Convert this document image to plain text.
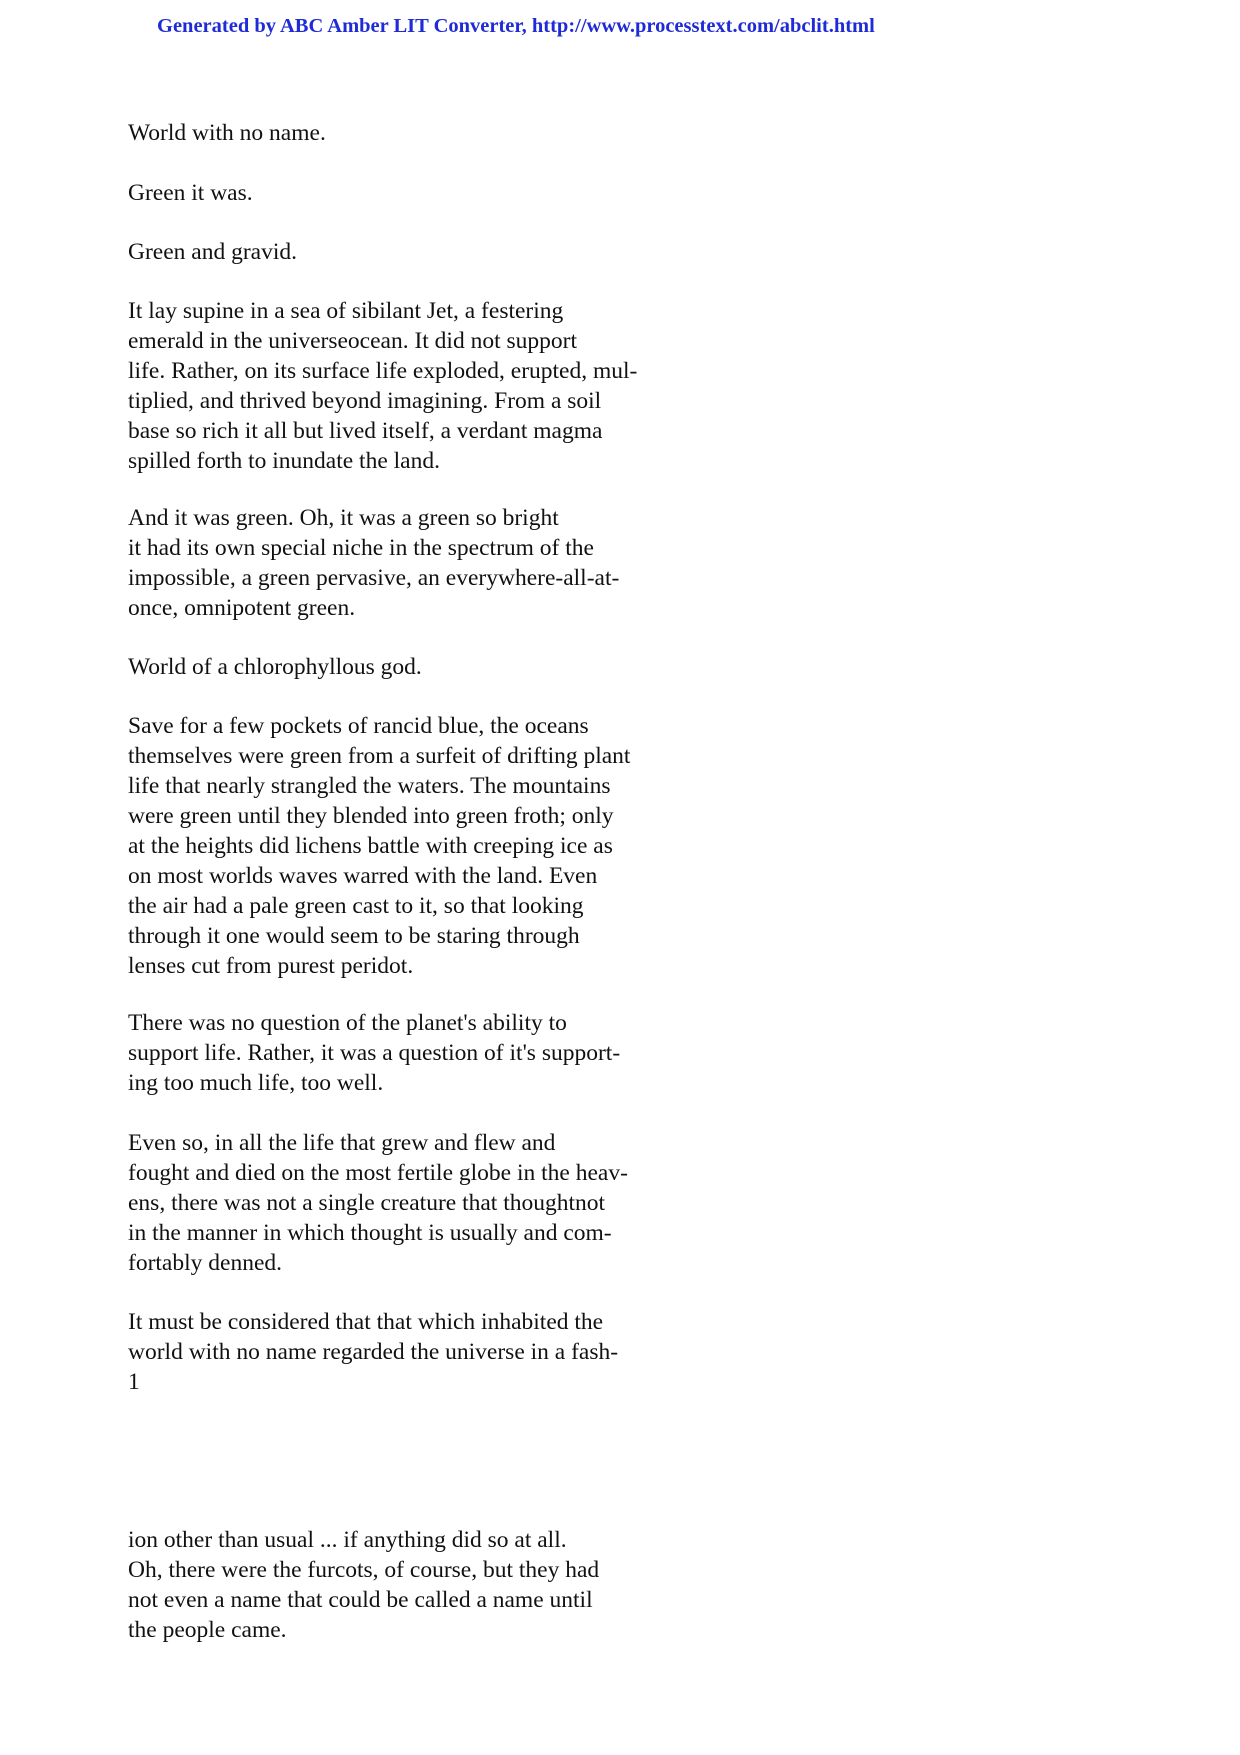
Generated by ABC Amber LIT Converter, http://www.processtext.com/abclit.html
World with no name.
Green it was.
Green and gravid.
It lay supine in a sea of sibilant Jet, a festering
emerald in the universeocean. It did not support
life. Rather, on its surface life exploded, erupted, mul-
tiplied, and thrived beyond imagining. From a soil
base so rich it all but lived itself, a verdant magma
spilled forth to inundate the land.
And it was green. Oh, it was a green so bright
it had its own special niche in the spectrum of the
impossible, a green pervasive, an everywhere-all-at-
once, omnipotent green.
World of a chlorophyllous god.
Save for a few pockets of rancid blue, the oceans
themselves were green from a surfeit of drifting plant
life that nearly strangled the waters. The mountains
were green until they blended into green froth; only
at the heights did lichens battle with creeping ice as
on most worlds waves warred with the land. Even
the air had a pale green cast to it, so that looking
through it one would seem to be staring through
lenses cut from purest peridot.
There was no question of the planet's ability to
support life. Rather, it was a question of it's support-
ing too much life, too well.
Even so, in all the life that grew and flew and
fought and died on the most fertile globe in the heav-
ens, there was not a single creature that thoughtnot
in the manner in which thought is usually and com-
fortably denned.
It must be considered that that which inhabited the
world with no name regarded the universe in a fash-
1
ion other than usual ... if anything did so at all.
Oh, there were the furcots, of course, but they had
not even a name that could be called a name until
the people came.
